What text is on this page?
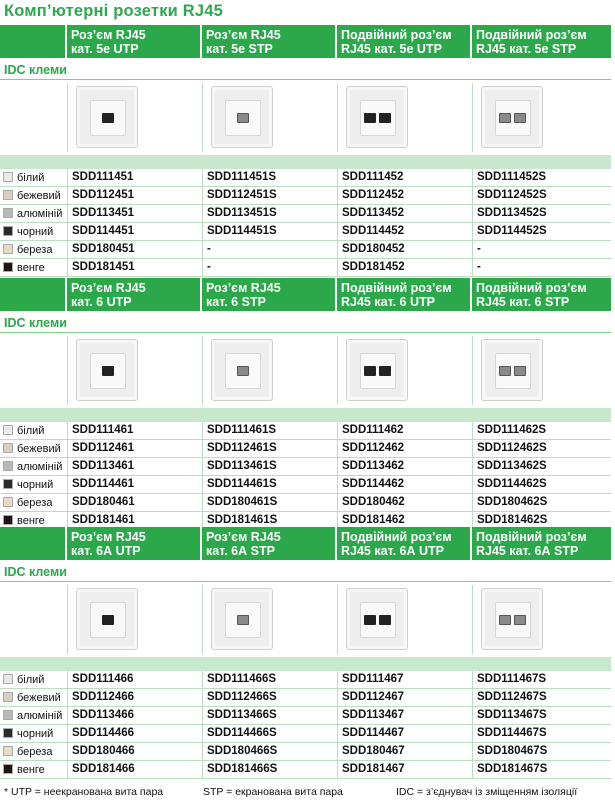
Комп’ютерні розетки RJ45
Роз’єм RJ45
кат. 5е UTP
Роз’єм RJ45
кат. 5е STP
Подвійний роз’єм
RJ45 кат. 5е UTP
Подвійний роз’єм
RJ45 кат. 5е STP
IDC клеми
білий	SDD111451	SDD111451S	SDD111452	SDD111452S
бежевий SDD112451	SDD112451S	SDD112452	SDD112452S
алюміній SDD113451	SDD113451S	SDD113452	SDD113452S
чорний	SDD114451	SDD114451S	SDD114452	SDD114452S
береза	SDD180451	-	SDD180452	-
венге	SDD181451	-	SDD181452	-
Роз’єм RJ45
кат. 6 UTP
Роз’єм RJ45
кат. 6 STP
Подвійний роз’єм
RJ45 кат. 6 UTP
Подвійний роз’єм
RJ45 кат. 6 STP
IDC клеми
білий	SDD111461	SDD111461S	SDD111462	SDD111462S
бежевий SDD112461	SDD112461S	SDD112462	SDD112462S
алюміній SDD113461	SDD113461S	SDD113462	SDD113462S
чорний	SDD114461	SDD114461S	SDD114462	SDD114462S
береза	SDD180461	SDD180461S	SDD180462	SDD180462S
венге	SDD181461	SDD181461S	SDD181462	SDD181462S
Роз’єм RJ45
кат. 6А UTP
Роз’єм RJ45
кат. 6А STP
Подвійний роз’єм
RJ45 кат. 6А UTP
Подвійний роз’єм
RJ45 кат. 6А STP
IDC клеми
білий	SDD111466	SDD111466S	SDD111467	SDD111467S
бежевий SDD112466	SDD112466S	SDD112467	SDD112467S
алюміній SDD113466	SDD113466S	SDD113467	SDD113467S
чорний	SDD114466	SDD114466S	SDD114467	SDD114467S
береза	SDD180466	SDD180466S	SDD180467	SDD180467S
венге	SDD181466	SDD181466S	SDD181467	SDD181467S
* UTP = неекранована вита пара	STP = екранована вита пара	IDC = з’єднувач із зміщенням ізоляції
